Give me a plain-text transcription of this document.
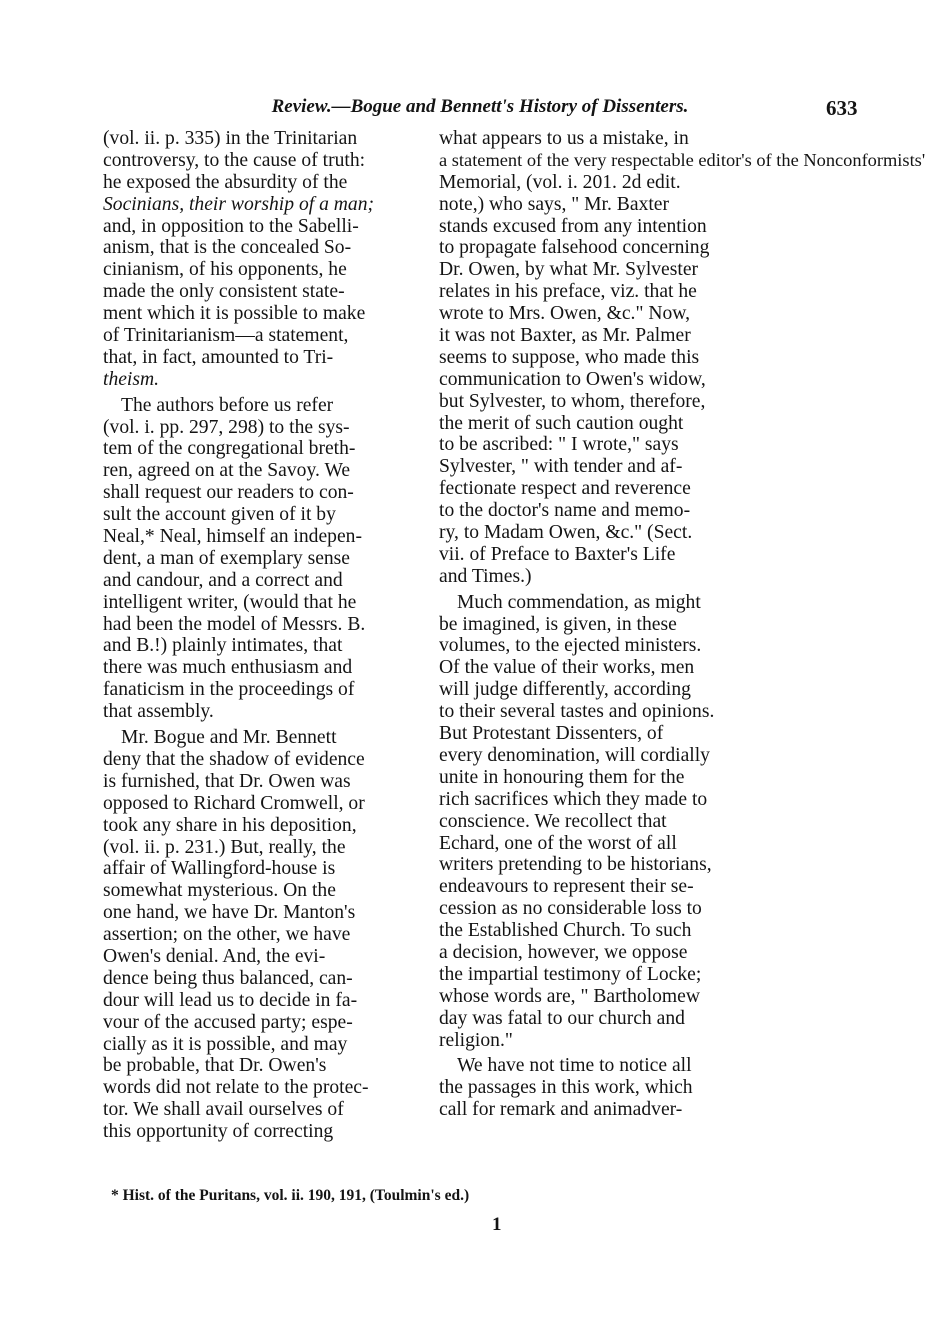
Review.—Bogue and Bennett's History of Dissenters.	633
(vol. ii. p. 335) in the Trinitarian
controversy, to the cause of truth:
he exposed the absurdity of the
Socinians, their worship of a man;
and, in opposition to the Sabelli-
anism, that is the concealed So-
cinianism, of his opponents, he
made the only consistent state-
ment which it is possible to make
of Trinitarianism—a statement,
that, in fact, amounted to Tri-
theism.
The authors before us refer
(vol. i. pp. 297, 298) to the sys-
tem of the congregational breth-
ren, agreed on at the Savoy. We
shall request our readers to con-
sult the account given of it by
Neal,* Neal, himself an indepen-
dent, a man of exemplary sense
and candour, and a correct and
intelligent writer, (would that he
had been the model of Messrs. B.
and B.!) plainly intimates, that
there was much enthusiasm and
fanaticism in the proceedings of
that assembly.
Mr. Bogue and Mr. Bennett
deny that the shadow of evidence
is furnished, that Dr. Owen was
opposed to Richard Cromwell, or
took any share in his deposition,
(vol. ii. p. 231.) But, really, the
affair of Wallingford-house is
somewhat mysterious. On the
one hand, we have Dr. Manton's
assertion; on the other, we have
Owen's denial. And, the evi-
dence being thus balanced, can-
dour will lead us to decide in fa-
vour of the accused party; espe-
cially as it is possible, and may
be probable, that Dr. Owen's
words did not relate to the protec-
tor. We shall avail ourselves of
this opportunity of correcting
what appears to us a mistake, in
a statement of the very respectable editor's of the Nonconformists'
Memorial, (vol. i. 201. 2d edit.
note,) who says, " Mr. Baxter
stands excused from any intention
to propagate falsehood concerning
Dr. Owen, by what Mr. Sylvester
relates in his preface, viz. that he
wrote to Mrs. Owen, &c." Now,
it was not Baxter, as Mr. Palmer
seems to suppose, who made this
communication to Owen's widow,
but Sylvester, to whom, therefore,
the merit of such caution ought
to be ascribed: " I wrote," says
Sylvester, " with tender and af-
fectionate respect and reverence
to the doctor's name and memo-
ry, to Madam Owen, &c." (Sect.
vii. of Preface to Baxter's Life
and Times.)
Much commendation, as might
be imagined, is given, in these
volumes, to the ejected ministers.
Of the value of their works, men
will judge differently, according
to their several tastes and opinions.
But Protestant Dissenters, of
every denomination, will cordially
unite in honouring them for the
rich sacrifices which they made to
conscience. We recollect that
Echard, one of the worst of all
writers pretending to be historians,
endeavours to represent their se-
cession as no considerable loss to
the Established Church. To such
a decision, however, we oppose
the impartial testimony of Locke;
whose words are, " Bartholomew
day was fatal to our church and
religion."
We have not time to notice all
the passages in this work, which
call for remark and animadver-
* Hist. of the Puritans, vol. ii. 190, 191, (Toulmin's ed.)
1
